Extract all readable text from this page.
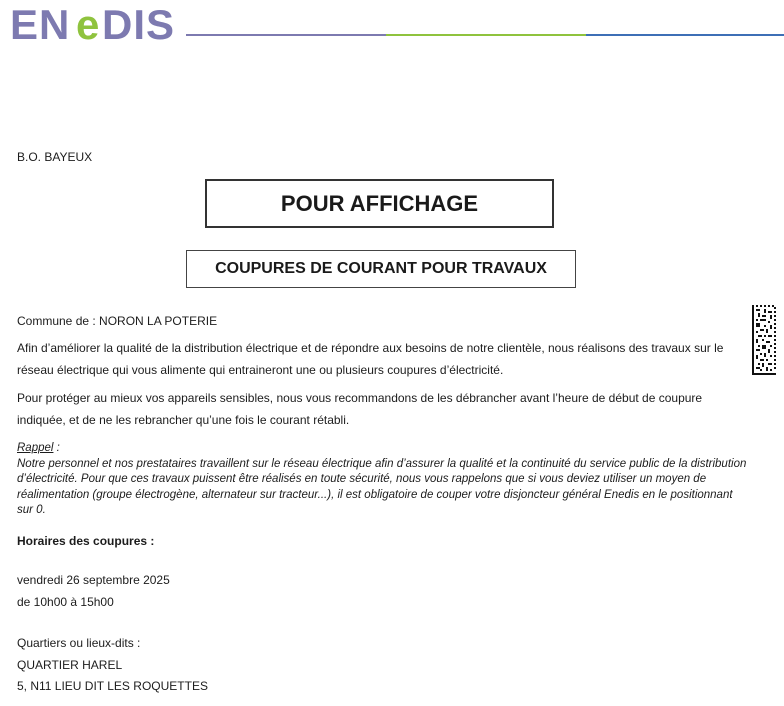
EN e DIS
B.O. BAYEUX
POUR AFFICHAGE
COUPURES DE COURANT POUR TRAVAUX
Commune de : NORON LA POTERIE
Afin d’améliorer la qualité de la distribution électrique et de répondre aux besoins de notre clientèle, nous réalisons des travaux sur le réseau électrique qui vous alimente qui entraineront une ou plusieurs coupures d’électricité.
Pour protéger au mieux vos appareils sensibles, nous vous recommandons de les débrancher avant l’heure de début de coupure indiquée, et de ne les rebrancher qu’une fois le courant rétabli.
Rappel :
Notre personnel et nos prestataires travaillent sur le réseau électrique afin d’assurer la qualité et la continuité du service public de la distribution d’électricité. Pour que ces travaux puissent être réalisés en toute sécurité, nous vous rappelons que si vous deviez utiliser un moyen de réalimentation (groupe électrogène, alternateur sur tracteur...), il est obligatoire de couper votre disjoncteur général Enedis en le positionnant sur 0.
Horaires des coupures :
vendredi 26 septembre 2025
de 10h00 à 15h00
Quartiers ou lieux-dits :
QUARTIER HAREL
5, N11 LIEU DIT LES ROQUETTES
